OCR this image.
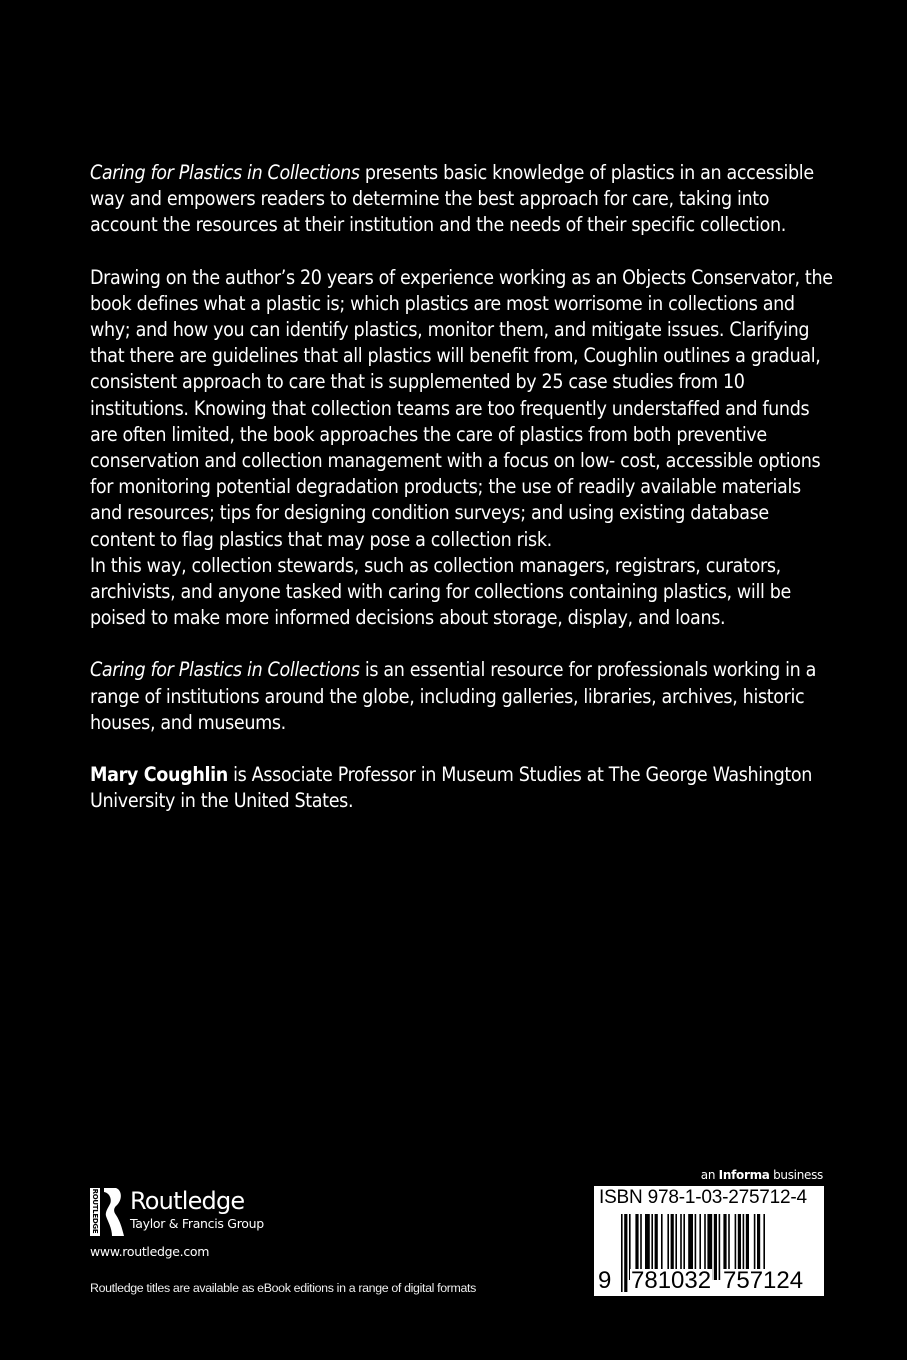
Caring for Plastics in Collections presents basic knowledge of plastics in an accessible way and empowers readers to determine the best approach for care, taking into account the resources at their institution and the needs of their specific collection.

Drawing on the author’s 20 years of experience working as an Objects Conservator, the book defines what a plastic is; which plastics are most worrisome in collections and why; and how you can identify plastics, monitor them, and mitigate issues. Clarifying that there are guidelines that all plastics will benefit from, Coughlin outlines a gradual, consistent approach to care that is supplemented by 25 case studies from 10 institutions. Knowing that collection teams are too frequently understaffed and funds are often limited, the book approaches the care of plastics from both preventive conservation and collection management with a focus on low- cost, accessible options for monitoring potential degradation products; the use of readily available materials and resources; tips for designing condition surveys; and using existing database content to flag plastics that may pose a collection risk.

In this way, collection stewards, such as collection managers, registrars, curators, archivists, and anyone tasked with caring for collections containing plastics, will be poised to make more informed decisions about storage, display, and loans.

Caring for Plastics in Collections is an essential resource for professionals working in a range of institutions around the globe, including galleries, libraries, archives, historic houses, and museums.

Mary Coughlin is Associate Professor in Museum Studies at The George Washington University in the United States.

ROUTLEDGE Routledge
Taylor & Francis Group
www.routledge.com
Routledge titles are available as eBook editions in a range of digital formats
an Informa business
ISBN 978-1-03-275712-4
9 781032 757124
